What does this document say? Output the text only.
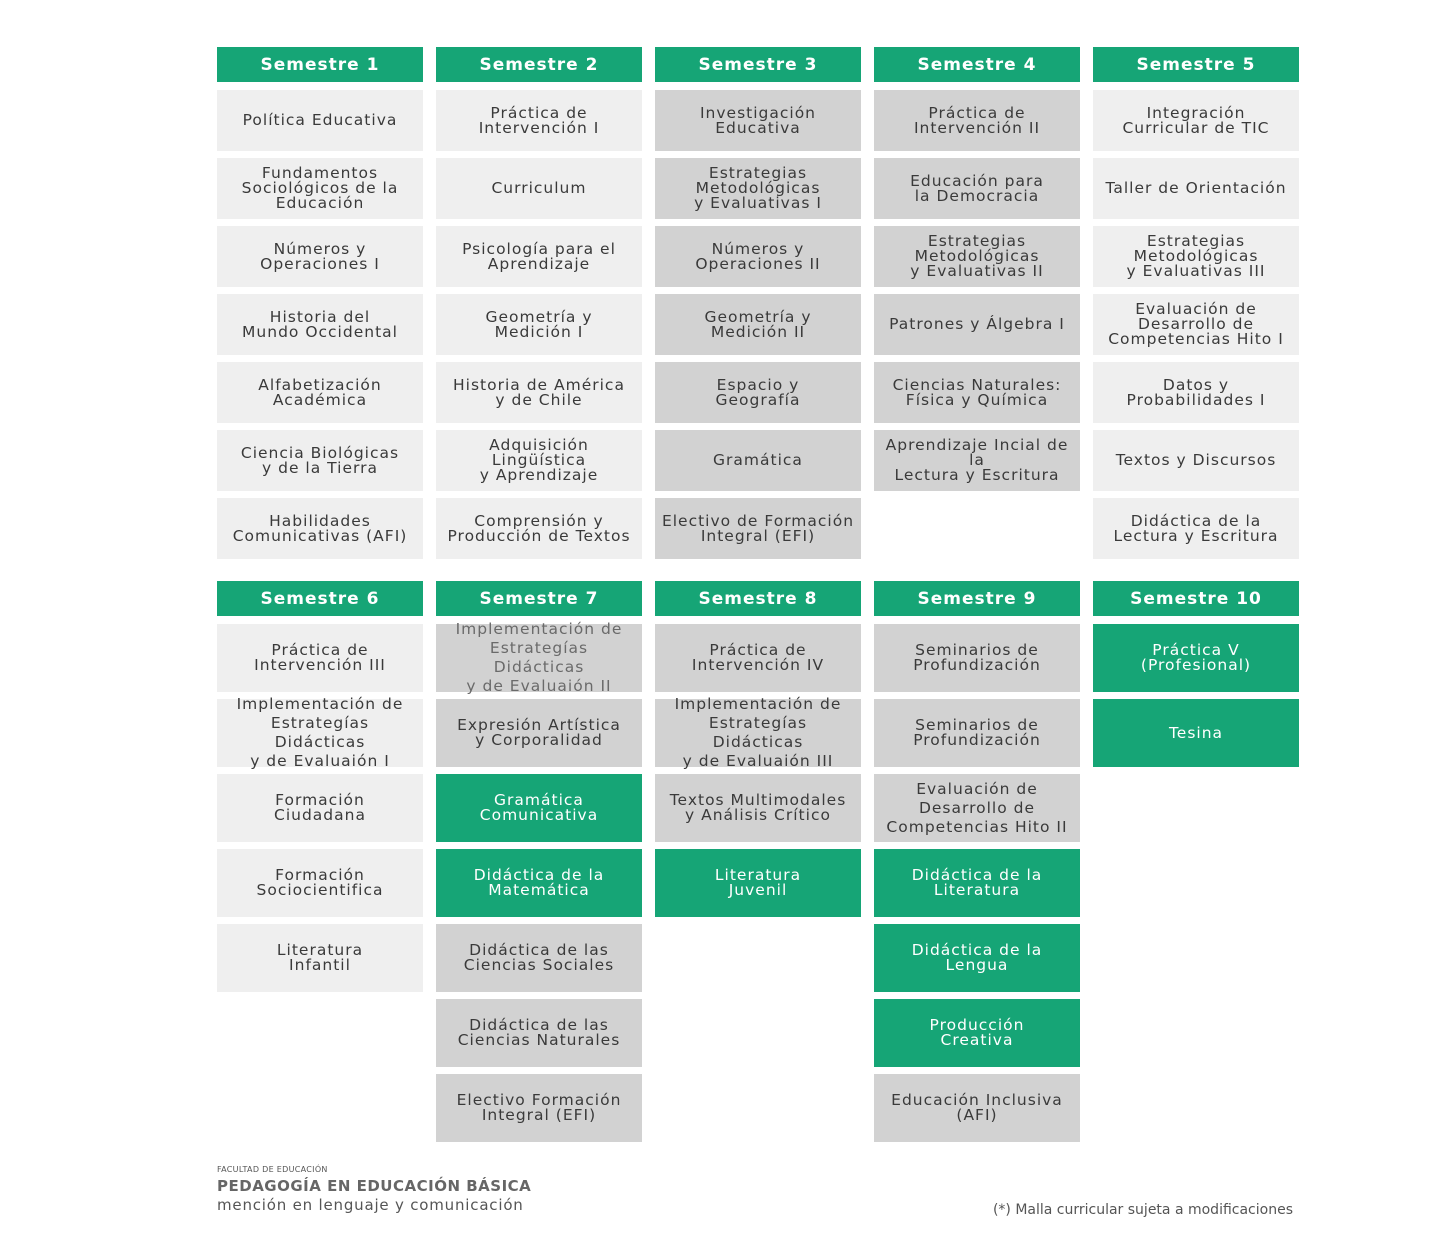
Semestre 1
Política Educativa
Fundamentos
Sociológicos de la
Educación
Números y
Operaciones I
Historia del
Mundo Occidental
Alfabetización
Académica
Ciencia Biológicas
y de la Tierra
Habilidades
Comunicativas (AFI)
Semestre 2
Práctica de
Intervención I
Curriculum
Psicología para el
Aprendizaje
Geometría y
Medición I
Historia de América
y de Chile
Adquisición Lingüística
y Aprendizaje
Comprensión y
Producción de Textos
Semestre 3
Investigación
Educativa
Estrategias
Metodológicas
y Evaluativas I
Números y
Operaciones II
Geometría y
Medición II
Espacio y
Geografía
Gramática
Electivo de Formación
Integral (EFI)
Semestre 4
Práctica de
Intervención II
Educación para
la Democracia
Estrategias
Metodológicas
y Evaluativas II
Patrones y Álgebra I
Ciencias Naturales:
Física y Química
Aprendizaje Incial de la
Lectura y Escritura
Semestre 5
Integración
Curricular de TIC
Taller de Orientación
Estrategias
Metodológicas
y Evaluativas III
Evaluación de
Desarrollo de
Competencias Hito I
Datos y
Probabilidades I
Textos y Discursos
Didáctica de la
Lectura y Escritura
Semestre 6
Práctica de
Intervención III
Implementación de
Estrategías Didácticas
y de Evaluaión I
Formación
Ciudadana
Formación
Sociocientifica
Literatura
Infantil
Semestre 7
Implementación de
Estrategías Didácticas
y de Evaluaión II
Expresión Artística
y Corporalidad
Gramática
Comunicativa
Didáctica de la
Matemática
Didáctica de las
Ciencias Sociales
Didáctica de las
Ciencias Naturales
Electivo Formación
Integral (EFI)
Semestre 8
Práctica de
Intervención IV
Implementación de
Estrategías Didácticas
y de Evaluaión III
Textos Multimodales
y Análisis Crítico
Literatura
Juvenil
Semestre 9
Seminarios de
Profundización
Seminarios de
Profundización
Evaluación de
Desarrollo de
Competencias Hito II
Didáctica de la
Literatura
Didáctica de la
Lengua
Producción
Creativa
Educación Inclusiva
(AFI)
Semestre 10
Práctica V
(Profesional)
Tesina
FACULTAD DE EDUCACIÓN
PEDAGOGÍA EN EDUCACIÓN BÁSICA
mención en lenguaje y comunicación	(*) Malla curricular sujeta a modificaciones
